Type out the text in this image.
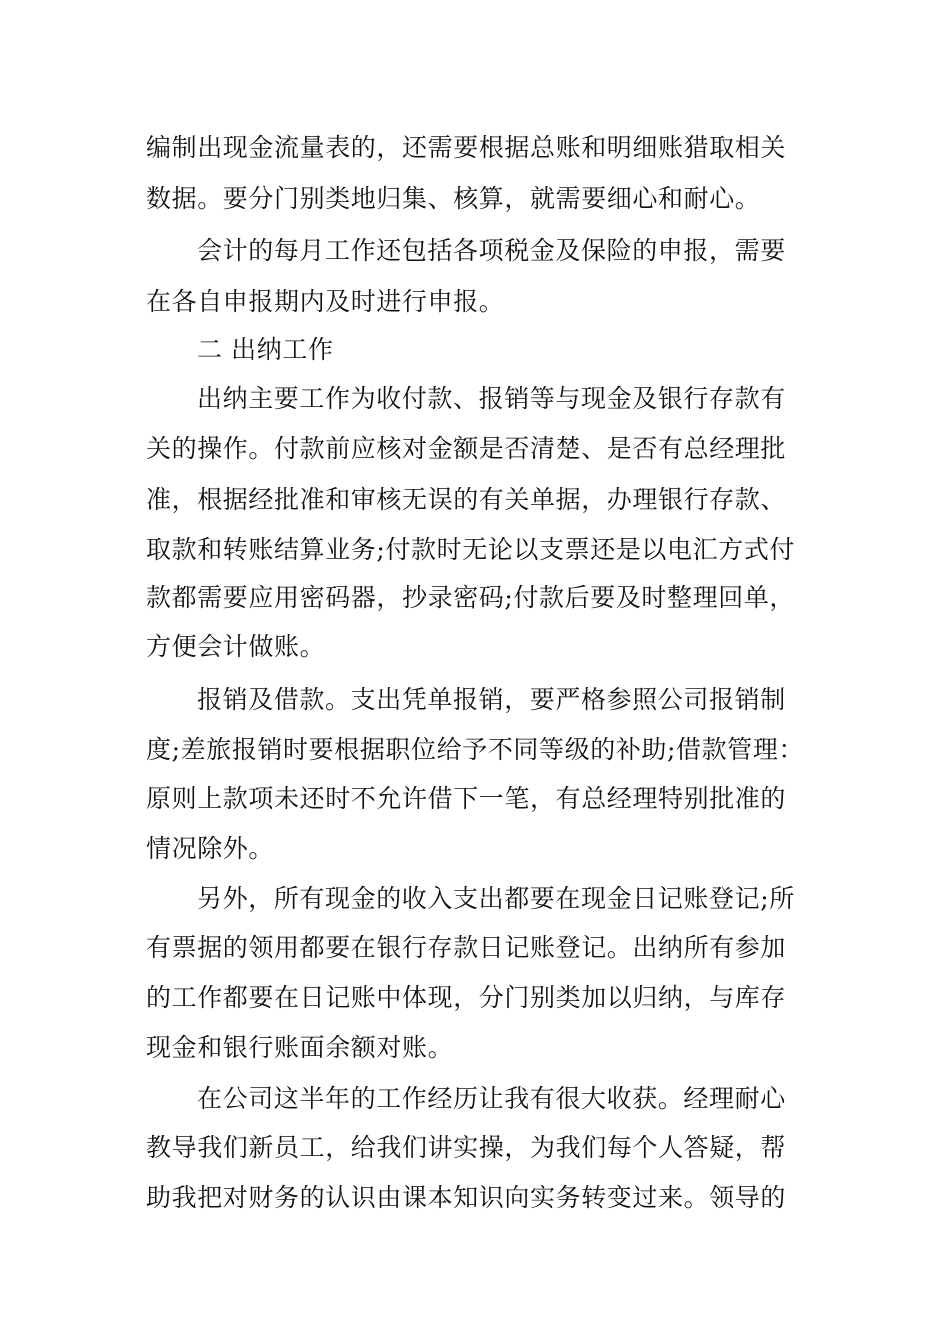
编制出现金流量表的，还需要根据总账和明细账猎取相关
数据。要分门别类地归集、核算，就需要细心和耐心。
会计的每月工作还包括各项税金及保险的申报，需要
在各自申报期内及时进行申报。
二 出纳工作
出纳主要工作为收付款、报销等与现金及银行存款有
关的操作。付款前应核对金额是否清楚、是否有总经理批
准，根据经批准和审核无误的有关单据，办理银行存款、
取款和转账结算业务;付款时无论以支票还是以电汇方式付
款都需要应用密码器，抄录密码;付款后要及时整理回单，
方便会计做账。
报销及借款。支出凭单报销，要严格参照公司报销制
度;差旅报销时要根据职位给予不同等级的补助;借款管理：
原则上款项未还时不允许借下一笔，有总经理特别批准的
情况除外。
另外，所有现金的收入支出都要在现金日记账登记;所
有票据的领用都要在银行存款日记账登记。出纳所有参加
的工作都要在日记账中体现，分门别类加以归纳，与库存
现金和银行账面余额对账。
在公司这半年的工作经历让我有很大收获。经理耐心
教导我们新员工，给我们讲实操，为我们每个人答疑，帮
助我把对财务的认识由课本知识向实务转变过来。领导的
